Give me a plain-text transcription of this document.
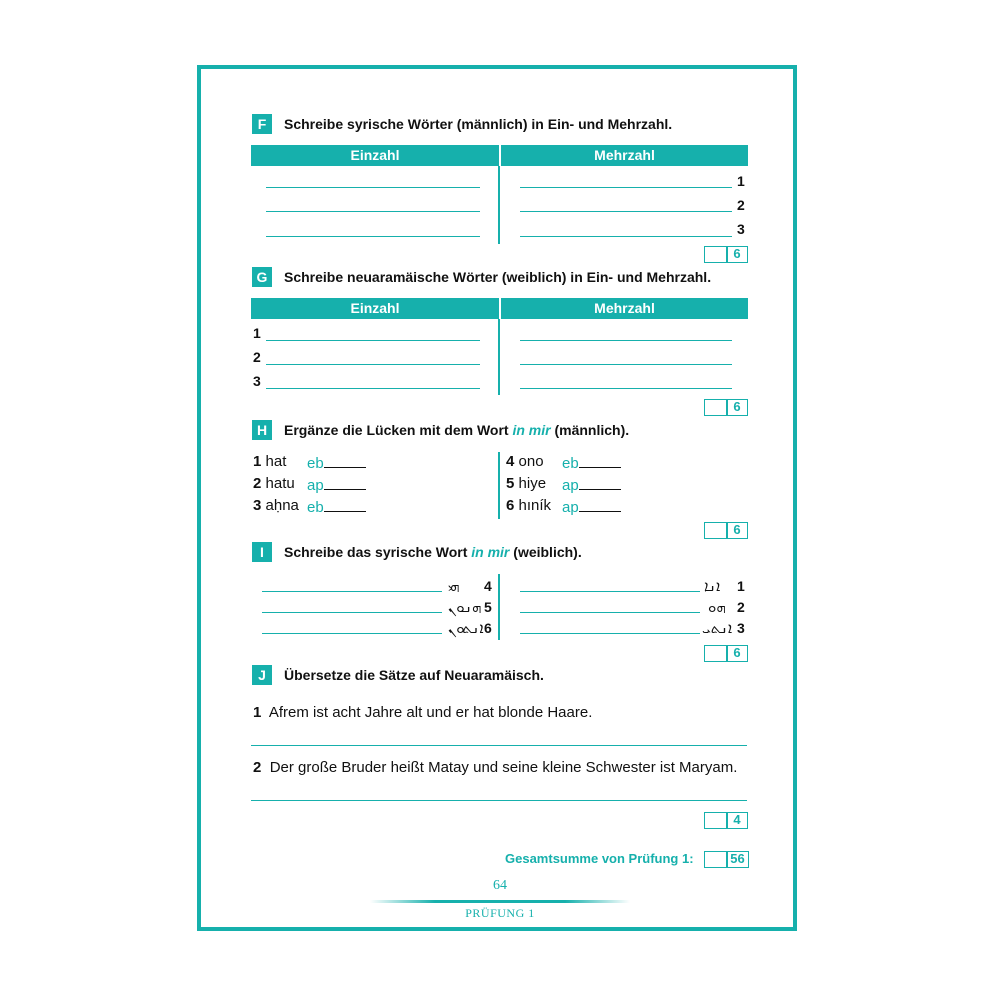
F	Schreibe syrische Wörter (männlich) in Ein- und Mehrzahl.
Einzahl	Mehrzahl
1
2
3
6
G	Schreibe neuaramäische Wörter (weiblich) in Ein- und Mehrzahl.
Einzahl	Mehrzahl
1
2
3
6
H	Ergänze die Lücken mit dem Wort in mir (männlich).
1 hat eb
2 hatu ap
3 aḥna eb
4 ono eb
5 hiye ap
6 hıník ap
6
I	Schreibe das syrische Wort in mir (weiblich).
ܗܝ 4
ܗܢܘܢ 5
ܐܢܬܘܢ 6
ܐܢܐ 1
ܗܘ 2
ܐܢܬܝ 3
6
J	Übersetze die Sätze auf Neuaramäisch.
1 Afrem ist acht Jahre alt und er hat blonde Haare.
2 Der große Bruder heißt Matay und seine kleine Schwester ist Maryam.
4
Gesamtsumme von Prüfung 1:	56
64
PRÜFUNG 1
